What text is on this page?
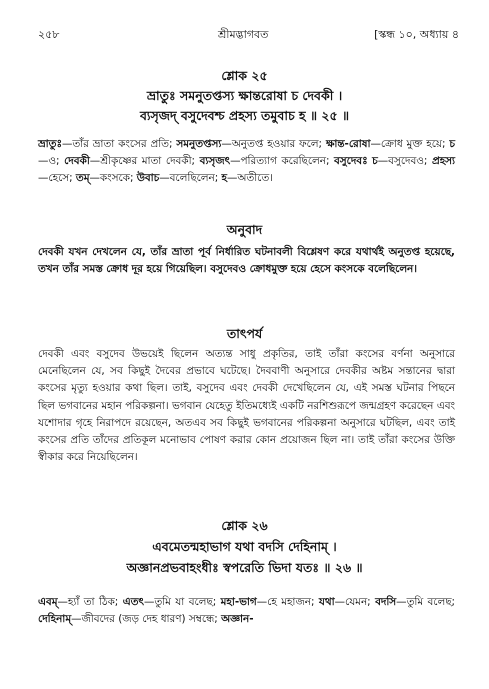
২৫৮	শ্রীমদ্ভাগবত	[স্কন্ধ ১০, অধ্যায় ৪
শ্লোক ২৫
ভ্রাতুঃ সমনুতপ্তস্য ক্ষান্তরোষা চ দেবকী ।
ব্যসৃজদ্ বসুদেবশ্চ প্রহস্য তমুবাচ হ ॥ ২৫ ॥
ভ্রাতুঃ—তাঁর ভ্রাতা কংসের প্রতি; সমনুতপ্তস্য—অনুতপ্ত হওয়ার ফলে; ক্ষান্ত-রোষা—ক্রোধ মুক্ত হয়ে; চ—ও; দেবকী—শ্রীকৃষ্ণের মাতা দেবকী; ব্যসৃজৎ—পরিত্যাগ করেছিলেন; বসুদেবঃ চ—বসুদেবও; প্রহস্য—হেসে; তম্—কংসকে; উবাচ—বলেছিলেন; হ—অতীতে।
অনুবাদ
দেবকী যখন দেখলেন যে, তাঁর ভ্রাতা পূর্ব নির্ধারিত ঘটনাবলী বিশ্লেষণ করে যথার্থই অনুতপ্ত হয়েছে, তখন তাঁর সমস্ত ক্রোধ দূর হয়ে গিয়েছিল। বসুদেবও ক্রোধমুক্ত হয়ে হেসে কংসকে বলেছিলেন।
তাৎপর্য
দেবকী এবং বসুদেব উভয়েই ছিলেন অত্যন্ত সাধু প্রকৃতির, তাই তাঁরা কংসের বর্ণনা অনুসারে মেনেছিলেন যে, সব কিছুই দৈবের প্রভাবে ঘটেছে। দৈববাণী অনুসারে দেবকীর অষ্টম সন্তানের দ্বারা কংসের মৃত্যু হওয়ার কথা ছিল। তাই, বসুদেব এবং দেবকী দেখেছিলেন যে, এই সমস্ত ঘটনার পিছনে ছিল ভগবানের মহান পরিকল্পনা। ভগবান যেহেতু ইতিমধ্যেই একটি নরশিশুরূপে জন্মগ্রহণ করেছেন এবং যশোদার গৃহে নিরাপদে রয়েছেন, অতএব সব কিছুই ভগবানের পরিকল্পনা অনুসারে ঘটছিল, এবং তাই কংসের প্রতি তাঁদের প্রতিকূল মনোভাব পোষণ করার কোন প্রয়োজন ছিল না। তাই তাঁরা কংসের উক্তি স্বীকার করে নিয়েছিলেন।
শ্লোক ২৬
এবমেতন্মহাভাগ যথা বদসি দেহিনাম্ ।
অজ্ঞানপ্রভবাহংধীঃ স্বপরেতি ভিদা যতঃ ॥ ২৬ ॥
এবম্—হ্যাঁ তা ঠিক; এতৎ—তুমি যা বলেছ; মহা-ভাগ—হে মহাজন; যথা—যেমন; বদসি—তুমি বলেছ; দেহিনাম্—জীবদের (জড় দেহ ধারণ) সম্বন্ধে; অজ্ঞান-
